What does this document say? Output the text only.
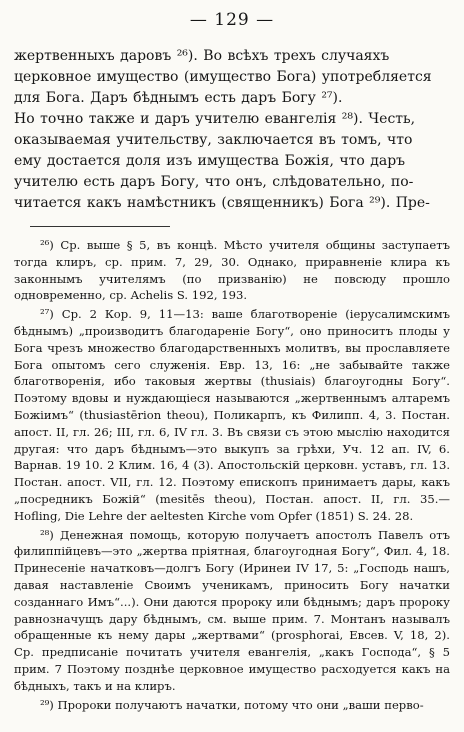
— 129 —

жертвенныхъ даровъ ²⁶). Во всѣхъ трехъ случаяхъ

церковное имущество (имущество Бога) употребляется

для Бога. Даръ бѣднымъ есть даръ Богу ²⁷).

Но точно также и даръ учителю евангелія ²⁸). Честь,

оказываемая учительству, заключается въ томъ, что

ему достается доля изъ имущества Божія, что даръ

учителю есть даръ Богу, что онъ, слѣдовательно, по-

читается какъ намѣстникъ (священникъ) Бога ²⁹). Пре-

²⁶) Ср. выше § 5, въ концѣ. Мѣсто учителя общины заступаетъ тогда клиръ, ср. прим. 7, 29, 30. Однако, приравненіе клира къ законнымъ учителямъ (по призванію) не повсюду прошло одновременно, ср. Achelis S. 192, 193.

²⁷) Ср. 2 Кор. 9, 11—13: ваше благотвореніе (іерусалимскимъ бѣднымъ) „производитъ благодареніе Богу“, оно приноситъ плоды у Бога чрезъ множество благодарственныхъ молитвъ, вы прославляете Бога опытомъ сего служенія. Евр. 13, 16: „не забывайте также благотворенія, ибо таковыя жертвы (thusiais) благоугодны Богу“. Поэтому вдовы и нуждающіеся называются „жертвеннымъ алтаремъ Божіимъ“ (thusiastērion theou), Поликарпъ, къ Филипп. 4, 3. Постан. апост. II, гл. 26; III, гл. 6, IV гл. 3. Въ связи съ этою мыслію находится другая: что даръ бѣднымъ—это выкупъ за грѣхи, Уч. 12 ап. IV, 6. Варнав. 19 10. 2 Клим. 16, 4 (3). Апостольскій церковн. уставъ, гл. 13. Постан. апост. VII, гл. 12. Поэтому епископъ принимаетъ дары, какъ „посредникъ Божій“ (mesitēs theou), Постан. апост. II, гл. 35.—Hofling, Die Lehre der aeltesten Kirche vom Opfer (1851) S. 24. 28.

²⁸) Денежная помощь, которую получаетъ апостолъ Павелъ отъ филиппійцевъ—это „жертва пріятная, благоугодная Богу“, Фил. 4, 18. Принесеніе начатковъ—долгъ Богу (Иринеи IV 17, 5: „Господь нашъ, давая наставленіе Своимъ ученикамъ, приносить Богу начатки созданнаго Имъ“...). Они даются пророку или бѣднымъ; даръ пророку равнозначущъ дару бѣднымъ, см. выше прим. 7. Монтанъ называлъ обращенные къ нему дары „жертвами“ (prosphorai, Евсев. V, 18, 2). Ср. предписаніе почитать учителя евангелія, „какъ Господа“, § 5 прим. 7 Поэтому позднѣе церковное имущество расходуется какъ на бѣдныхъ, такъ и на клиръ.

²⁹) Пророки получаютъ начатки, потому что они „ваши перво-
